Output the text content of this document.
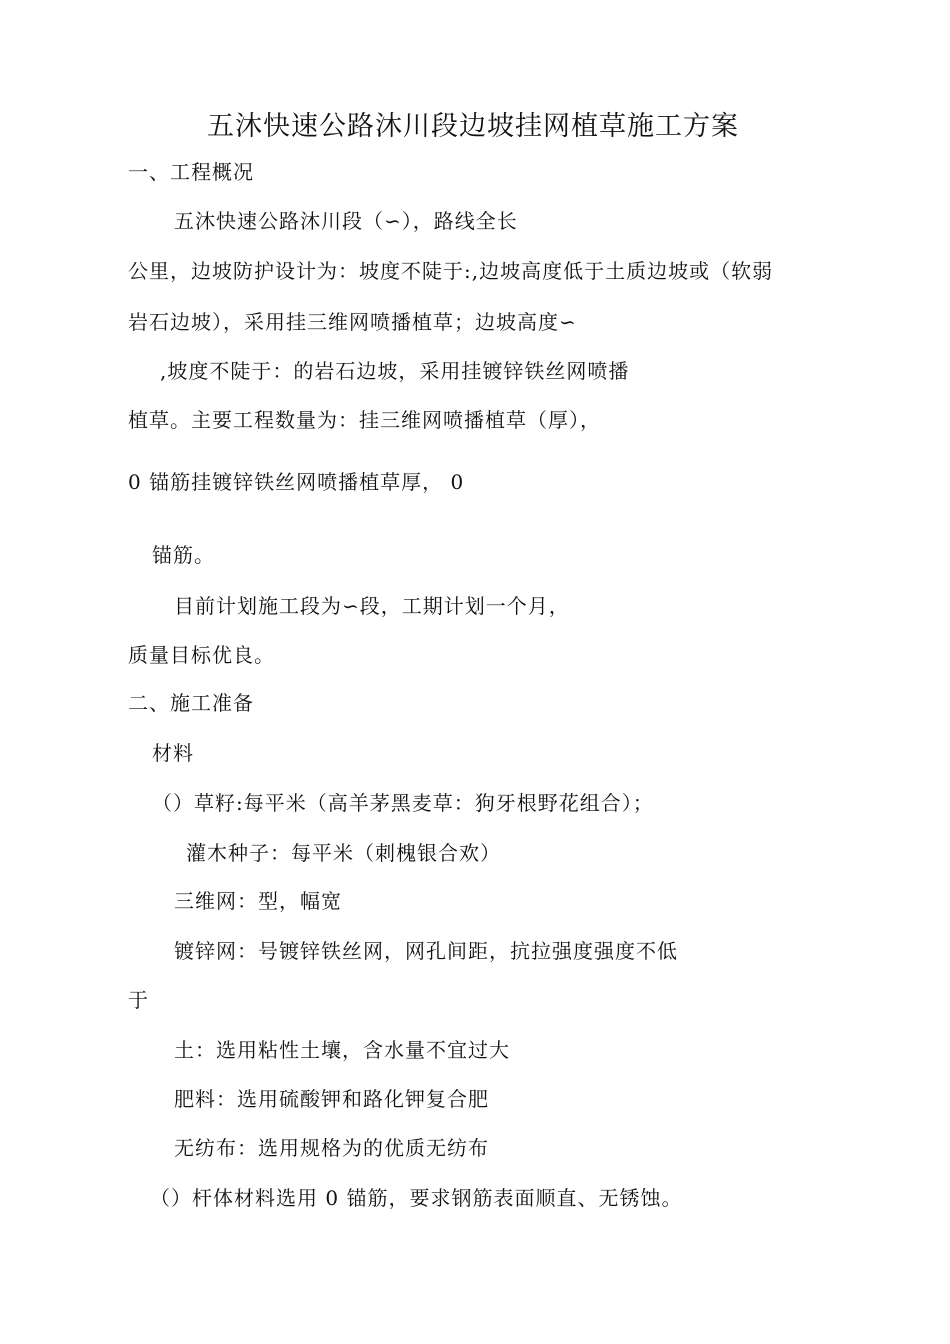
五沐快速公路沐川段边坡挂网植草施工方案
一、工程概况
五沐快速公路沐川段（∽），路线全长
公里，边坡防护设计为：坡度不陡于:,边坡高度低于土质边坡或（软弱
岩石边坡），采用挂三维网喷播植草；边坡高度∽
,坡度不陡于：的岩石边坡，采用挂镀锌铁丝网喷播
植草。主要工程数量为：挂三维网喷播植草（厚），
0 锚筋挂镀锌铁丝网喷播植草厚， 0
锚筋。
目前计划施工段为∽段，工期计划一个月，
质量目标优良。
二、施工准备
材料
（）草籽:每平米（高羊茅黑麦草：狗牙根野花组合）；
灌木种子：每平米（刺槐银合欢）
三维网：型，幅宽
镀锌网：号镀锌铁丝网，网孔间距，抗拉强度强度不低
于
土：选用粘性土壤，含水量不宜过大
肥料：选用硫酸钾和路化钾复合肥
无纺布：选用规格为的优质无纺布
（）杆体材料选用 0 锚筋，要求钢筋表面顺直、无锈蚀。
